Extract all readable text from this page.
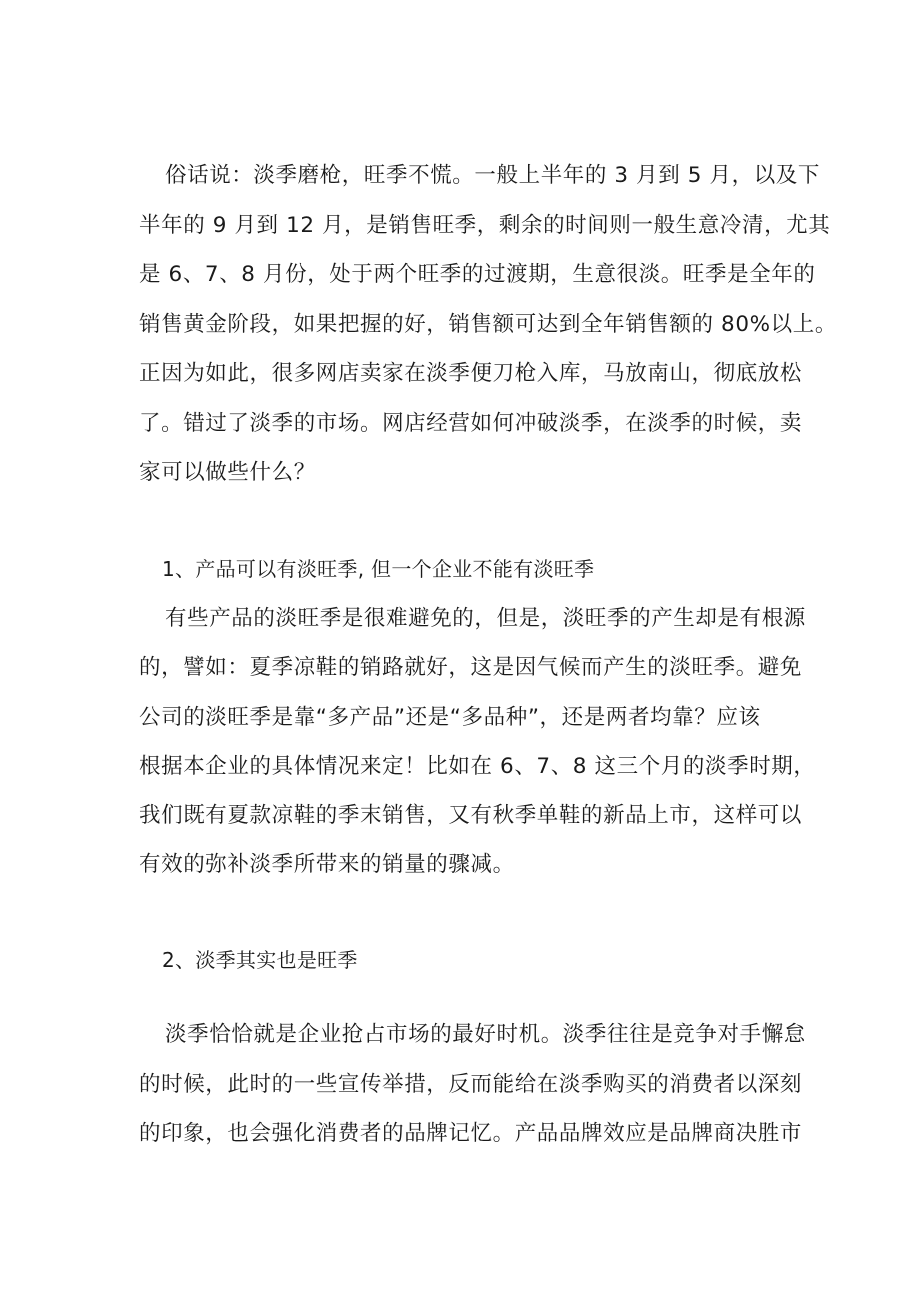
俗话说：淡季磨枪，旺季不慌。一般上半年的 3 月到 5 月，以及下
半年的 9 月到 12 月，是销售旺季，剩余的时间则一般生意冷清，尤其
是 6、7、8 月份，处于两个旺季的过渡期，生意很淡。旺季是全年的
销售黄金阶段，如果把握的好，销售额可达到全年销售额的 80%以上。
正因为如此，很多网店卖家在淡季便刀枪入库，马放南山，彻底放松
了。错过了淡季的市场。网店经营如何冲破淡季，在淡季的时候，卖
家可以做些什么？
1、产品可以有淡旺季, 但一个企业不能有淡旺季
有些产品的淡旺季是很难避免的，但是，淡旺季的产生却是有根源
的，譬如：夏季凉鞋的销路就好，这是因气候而产生的淡旺季。避免
公司的淡旺季是靠“多产品”还是“多品种”，还是两者均靠？应该
根据本企业的具体情况来定！比如在 6、7、8 这三个月的淡季时期，
我们既有夏款凉鞋的季末销售，又有秋季单鞋的新品上市，这样可以
有效的弥补淡季所带来的销量的骤减。
2、淡季其实也是旺季
淡季恰恰就是企业抢占市场的最好时机。淡季往往是竞争对手懈怠
的时候，此时的一些宣传举措，反而能给在淡季购买的消费者以深刻
的印象，也会强化消费者的品牌记忆。产品品牌效应是品牌商决胜市
